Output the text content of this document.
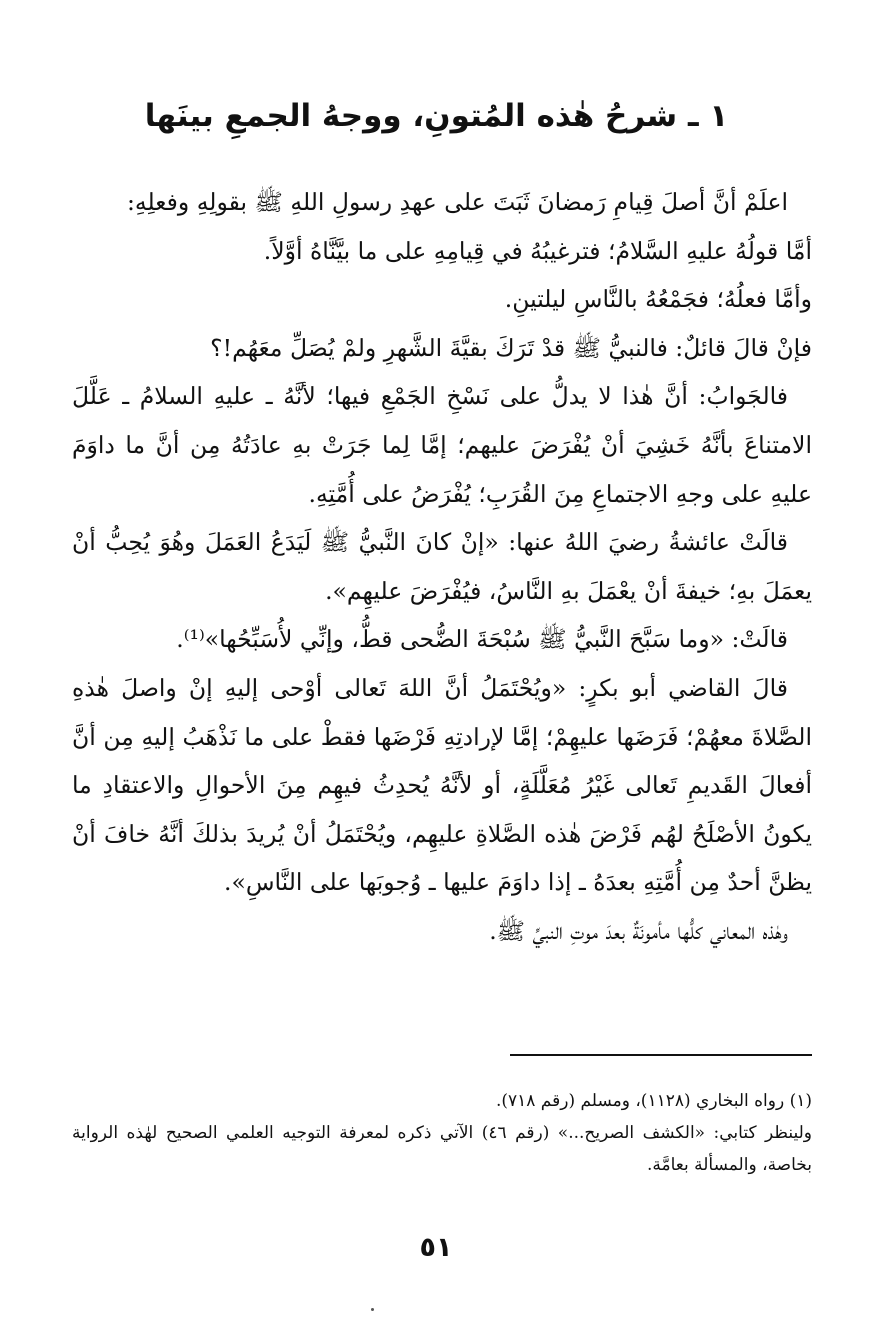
١ ـ شرحُ هٰذه المُتونِ، ووجهُ الجمعِ بينَها

اعلَمْ أنَّ أصلَ قِيامِ رَمضانَ ثَبَتَ على عهدِ رسولِ اللهِ ﷺ بقولِهِ وفعلِهِ:

أمَّا قولُهُ عليهِ السَّلامُ؛ فترغيبُهُ في قِيامِهِ على ما بيَّنَّاهُ أوَّلاً.

وأمَّا فعلُهُ؛ فجَمْعُهُ بالنَّاسِ ليلتينِ.

فإنْ قالَ قائلٌ: فالنبيُّ ﷺ قدْ تَرَكَ بقيَّةَ الشَّهرِ ولمْ يُصَلِّ معَهُم!؟

فالجَوابُ: أنَّ هٰذا لا يدلُّ على نَسْخِ الجَمْعِ فيها؛ لأنَّهُ ـ عليهِ السلامُ ـ عَلَّلَ الامتناعَ بأنَّهُ خَشِيَ أنْ يُفْرَضَ عليهم؛ إمَّا لِما جَرَتْ بهِ عادَتُهُ مِن أنَّ ما داوَمَ عليهِ على وجهِ الاجتماعِ مِنَ القُرَبِ؛ يُفْرَضُ على أُمَّتِهِ.

قالَتْ عائشةُ رضيَ اللهُ عنها: «إنْ كانَ النَّبيُّ ﷺ لَيَدَعُ العَمَلَ وهُوَ يُحِبُّ أنْ يعمَلَ بهِ؛ خيفةَ أنْ يعْمَلَ بهِ النَّاسُ، فيُفْرَضَ عليهِم».

قالَتْ: «وما سَبَّحَ النَّبيُّ ﷺ سُبْحَةَ الضُّحى قطُّ، وإنِّي لأُسَبِّحُها»⁽¹⁾.

قالَ القاضي أبو بكرٍ: «ويُحْتَمَلُ أنَّ اللهَ تَعالى أوْحى إليهِ إنْ واصلَ هٰذهِ الصَّلاةَ معهُمْ؛ فَرَضَها عليهِمْ؛ إمَّا لإرادتِهِ فَرْضَها فقطْ على ما نَذْهَبُ إليهِ مِن أنَّ أفعالَ القَديمِ تَعالى غَيْرُ مُعَلَّلَةٍ، أو لأنَّهُ يُحدِثُ فيهِم مِنَ الأحوالِ والاعتقادِ ما يكونُ الأصْلَحُ لهُم فَرْضَ هٰذه الصَّلاةِ عليهِم، ويُحْتَمَلُ أنْ يُريدَ بذلكَ أنَّهُ خافَ أنْ يظنَّ أحدٌ مِن أُمَّتِهِ بعدَهُ ـ إذا داوَمَ عليها ـ وُجوبَها على النَّاسِ».

وهٰذه المعاني كلُّها مأمونَةٌ بعدَ موتِ النبيِّ ﷺ.

(١) رواه البخاري (١١٢٨)، ومسلم (رقم ٧١٨).

ولينظر كتابي: «الكشف الصريح...» (رقم ٤٦) الآتي ذكره لمعرفة التوجيه العلمي الصحيح لهٰذه الرواية بخاصة، والمسألة بعامَّة.

٥١
